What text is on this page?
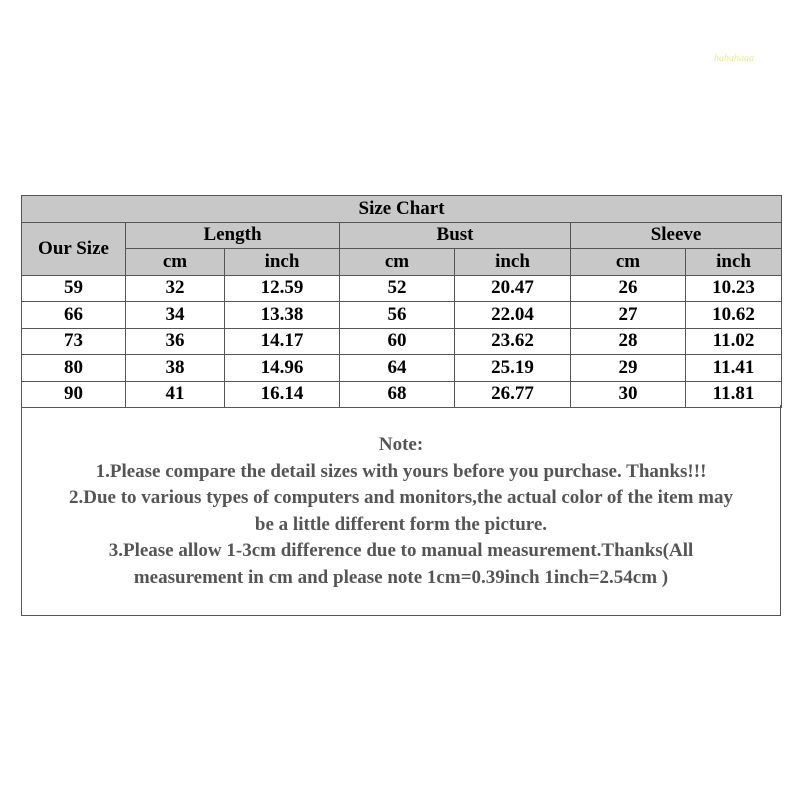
hahahaaa
Size Chart						
Our Size	Length		Bust		Sleeve	
	cm	inch	cm	inch	cm	inch
59	32	12.59	52	20.47	26	10.23
66	34	13.38	56	22.04	27	10.62
73	36	14.17	60	23.62	28	11.02
80	38	14.96	64	25.19	29	11.41
90	41	16.14	68	26.77	30	11.81
Note:
1.Please compare the detail sizes with yours before you purchase. Thanks!!!
2.Due to various types of computers and monitors,the actual color of the item may
be a little different form the picture.
3.Please allow 1-3cm difference due to manual measurement.Thanks(All
measurement in cm and please note 1cm=0.39inch 1inch=2.54cm )
